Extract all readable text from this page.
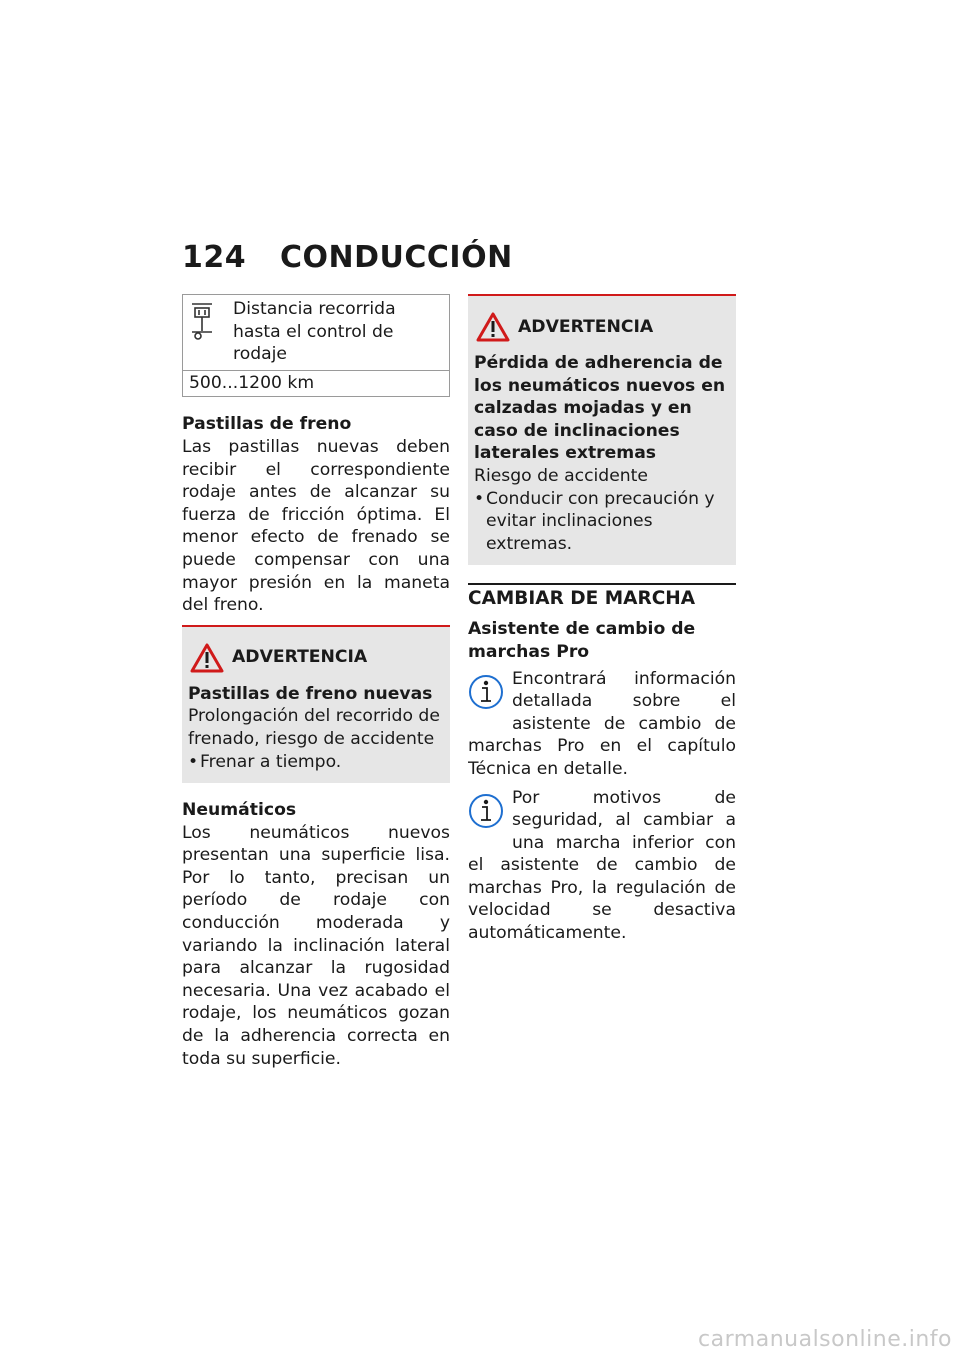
124 CONDUCCIÓN
Distancia recorrida hasta el control de rodaje
500...1200 km
Pastillas de freno

Las pastillas nuevas deben recibir el correspondiente rodaje antes de alcanzar su fuerza de fricción óptima. El menor efecto de frenado se puede compensar con una mayor presión en la maneta del freno.

ADVERTENCIA
Pastillas de freno nuevas

Prolongación del recorrido de frenado, riesgo de accidente

• Frenar a tiempo.
Neumáticos

Los neumáticos nuevos presentan una superficie lisa. Por lo tanto, precisan un período de rodaje con conducción moderada y variando la inclinación lateral para alcanzar la rugosidad necesaria. Una vez acabado el rodaje, los neumáticos gozan de la adherencia correcta en toda su superficie.

ADVERTENCIA
Pérdida de adherencia de los neumáticos nuevos en calzadas mojadas y en caso de inclinaciones laterales extremas

Riesgo de accidente

• Conducir con precaución y evitar inclinaciones extremas.
CAMBIAR DE MARCHA
Asistente de cambio de marchas Pro

Encontrará información detallada sobre el asistente de cambio de marchas Pro en el capítulo Técnica en detalle.

Por motivos de seguridad, al cambiar a una marcha inferior con el asistente de cambio de marchas Pro, la regulación de velocidad se desactiva automáticamente.

carmanualsonline.info
